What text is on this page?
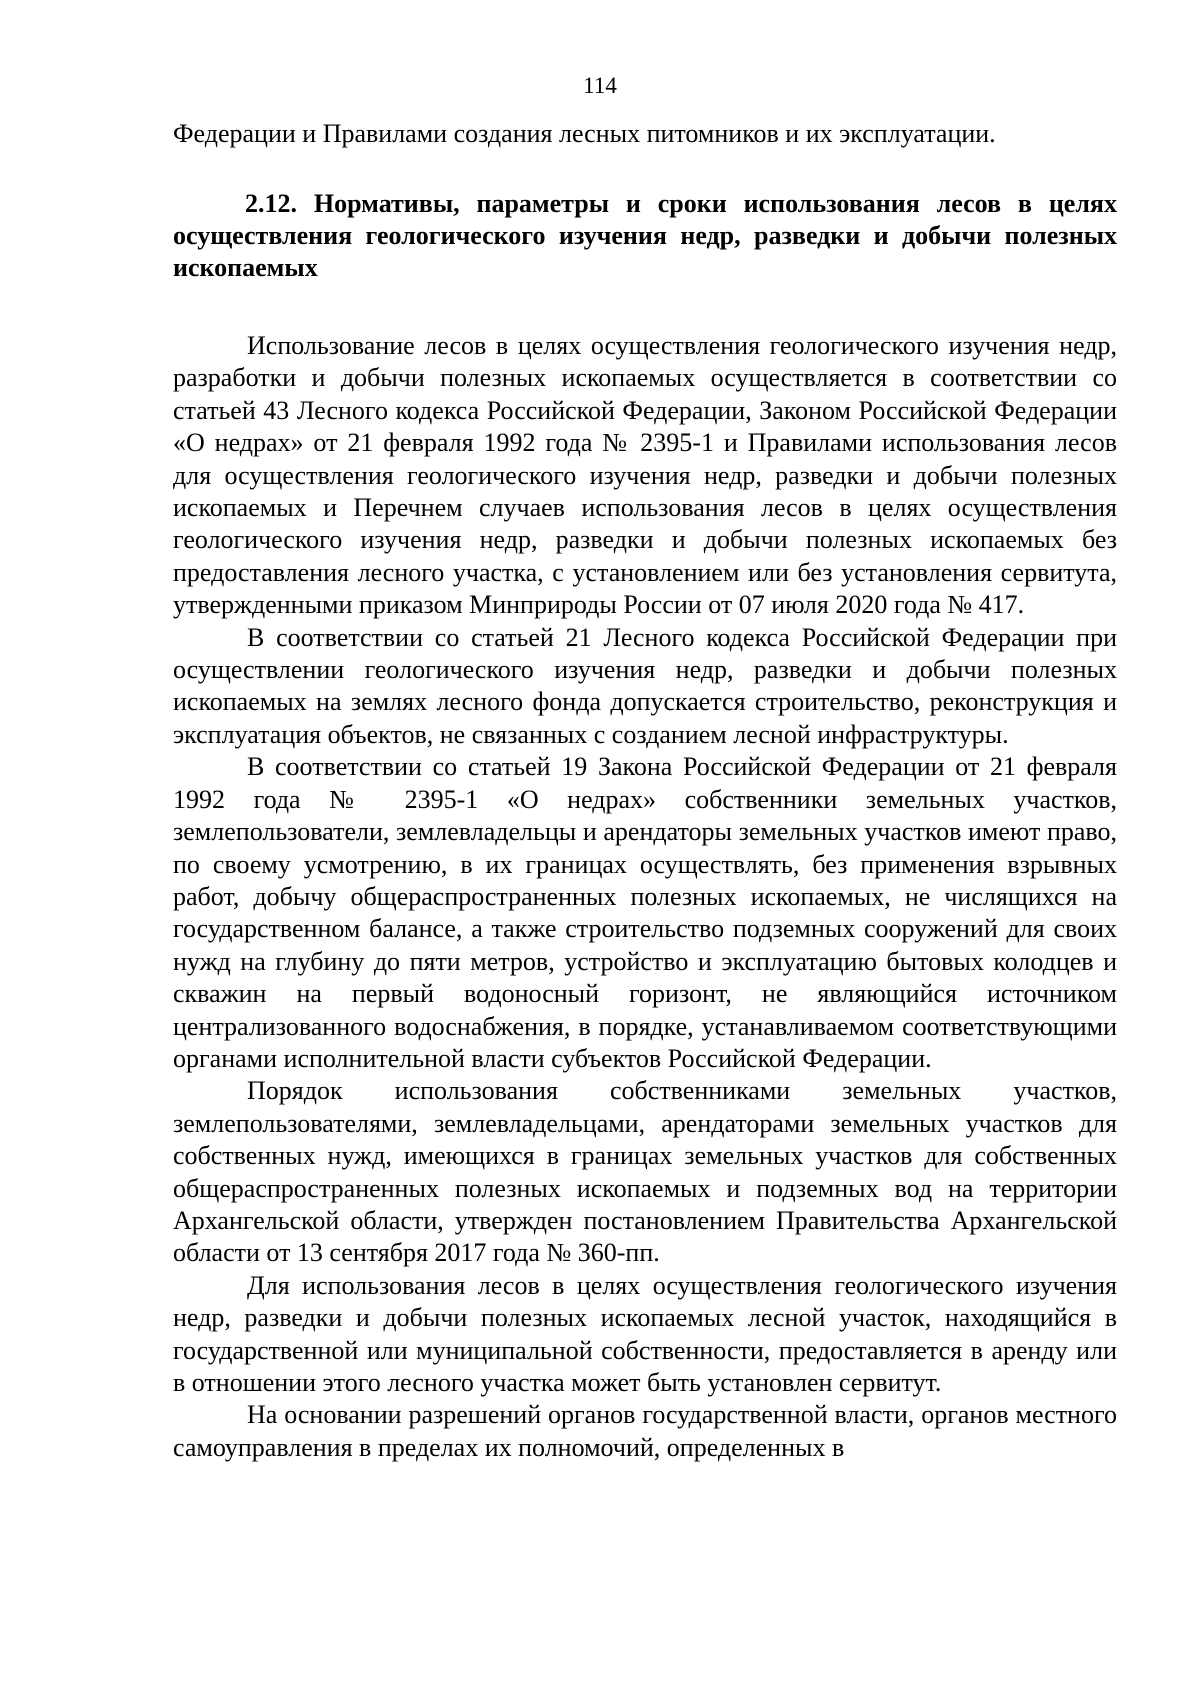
114

Федерации и Правилами создания лесных питомников и их эксплуатации.

2.12. Нормативы, параметры и сроки использования лесов в целях осуществления геологического изучения недр, разведки и добычи полезных ископаемых

Использование лесов в целях осуществления геологического изучения недр, разработки и добычи полезных ископаемых осуществляется в соответствии со статьей 43 Лесного кодекса Российской Федерации, Законом Российской Федерации «О недрах» от 21 февраля 1992 года № 2395-1 и Правилами использования лесов для осуществления геологического изучения недр, разведки и добычи полезных ископаемых и Перечнем случаев использования лесов в целях осуществления геологического изучения недр, разведки и добычи полезных ископаемых без предоставления лесного участка, с установлением или без установления сервитута, утвержденными приказом Минприроды России от 07 июля 2020 года № 417.

В соответствии со статьей 21 Лесного кодекса Российской Федерации при осуществлении геологического изучения недр, разведки и добычи полезных ископаемых на землях лесного фонда допускается строительство, реконструкция и эксплуатация объектов, не связанных с созданием лесной инфраструктуры.

В соответствии со статьей 19 Закона Российской Федерации от 21 февраля 1992 года № 2395-1 «О недрах» собственники земельных участков, землепользователи, землевладельцы и арендаторы земельных участков имеют право, по своему усмотрению, в их границах осуществлять, без применения взрывных работ, добычу общераспространенных полезных ископаемых, не числящихся на государственном балансе, а также строительство подземных сооружений для своих нужд на глубину до пяти метров, устройство и эксплуатацию бытовых колодцев и скважин на первый водоносный горизонт, не являющийся источником централизованного водоснабжения, в порядке, устанавливаемом соответствующими органами исполнительной власти субъектов Российской Федерации.

Порядок использования собственниками земельных участков, землепользователями, землевладельцами, арендаторами земельных участков для собственных нужд, имеющихся в границах земельных участков для собственных общераспространенных полезных ископаемых и подземных вод на территории Архангельской области, утвержден постановлением Правительства Архангельской области от 13 сентября 2017 года № 360-пп.

Для использования лесов в целях осуществления геологического изучения недр, разведки и добычи полезных ископаемых лесной участок, находящийся в государственной или муниципальной собственности, предоставляется в аренду или в отношении этого лесного участка может быть установлен сервитут.

На основании разрешений органов государственной власти, органов местного самоуправления в пределах их полномочий, определенных в
